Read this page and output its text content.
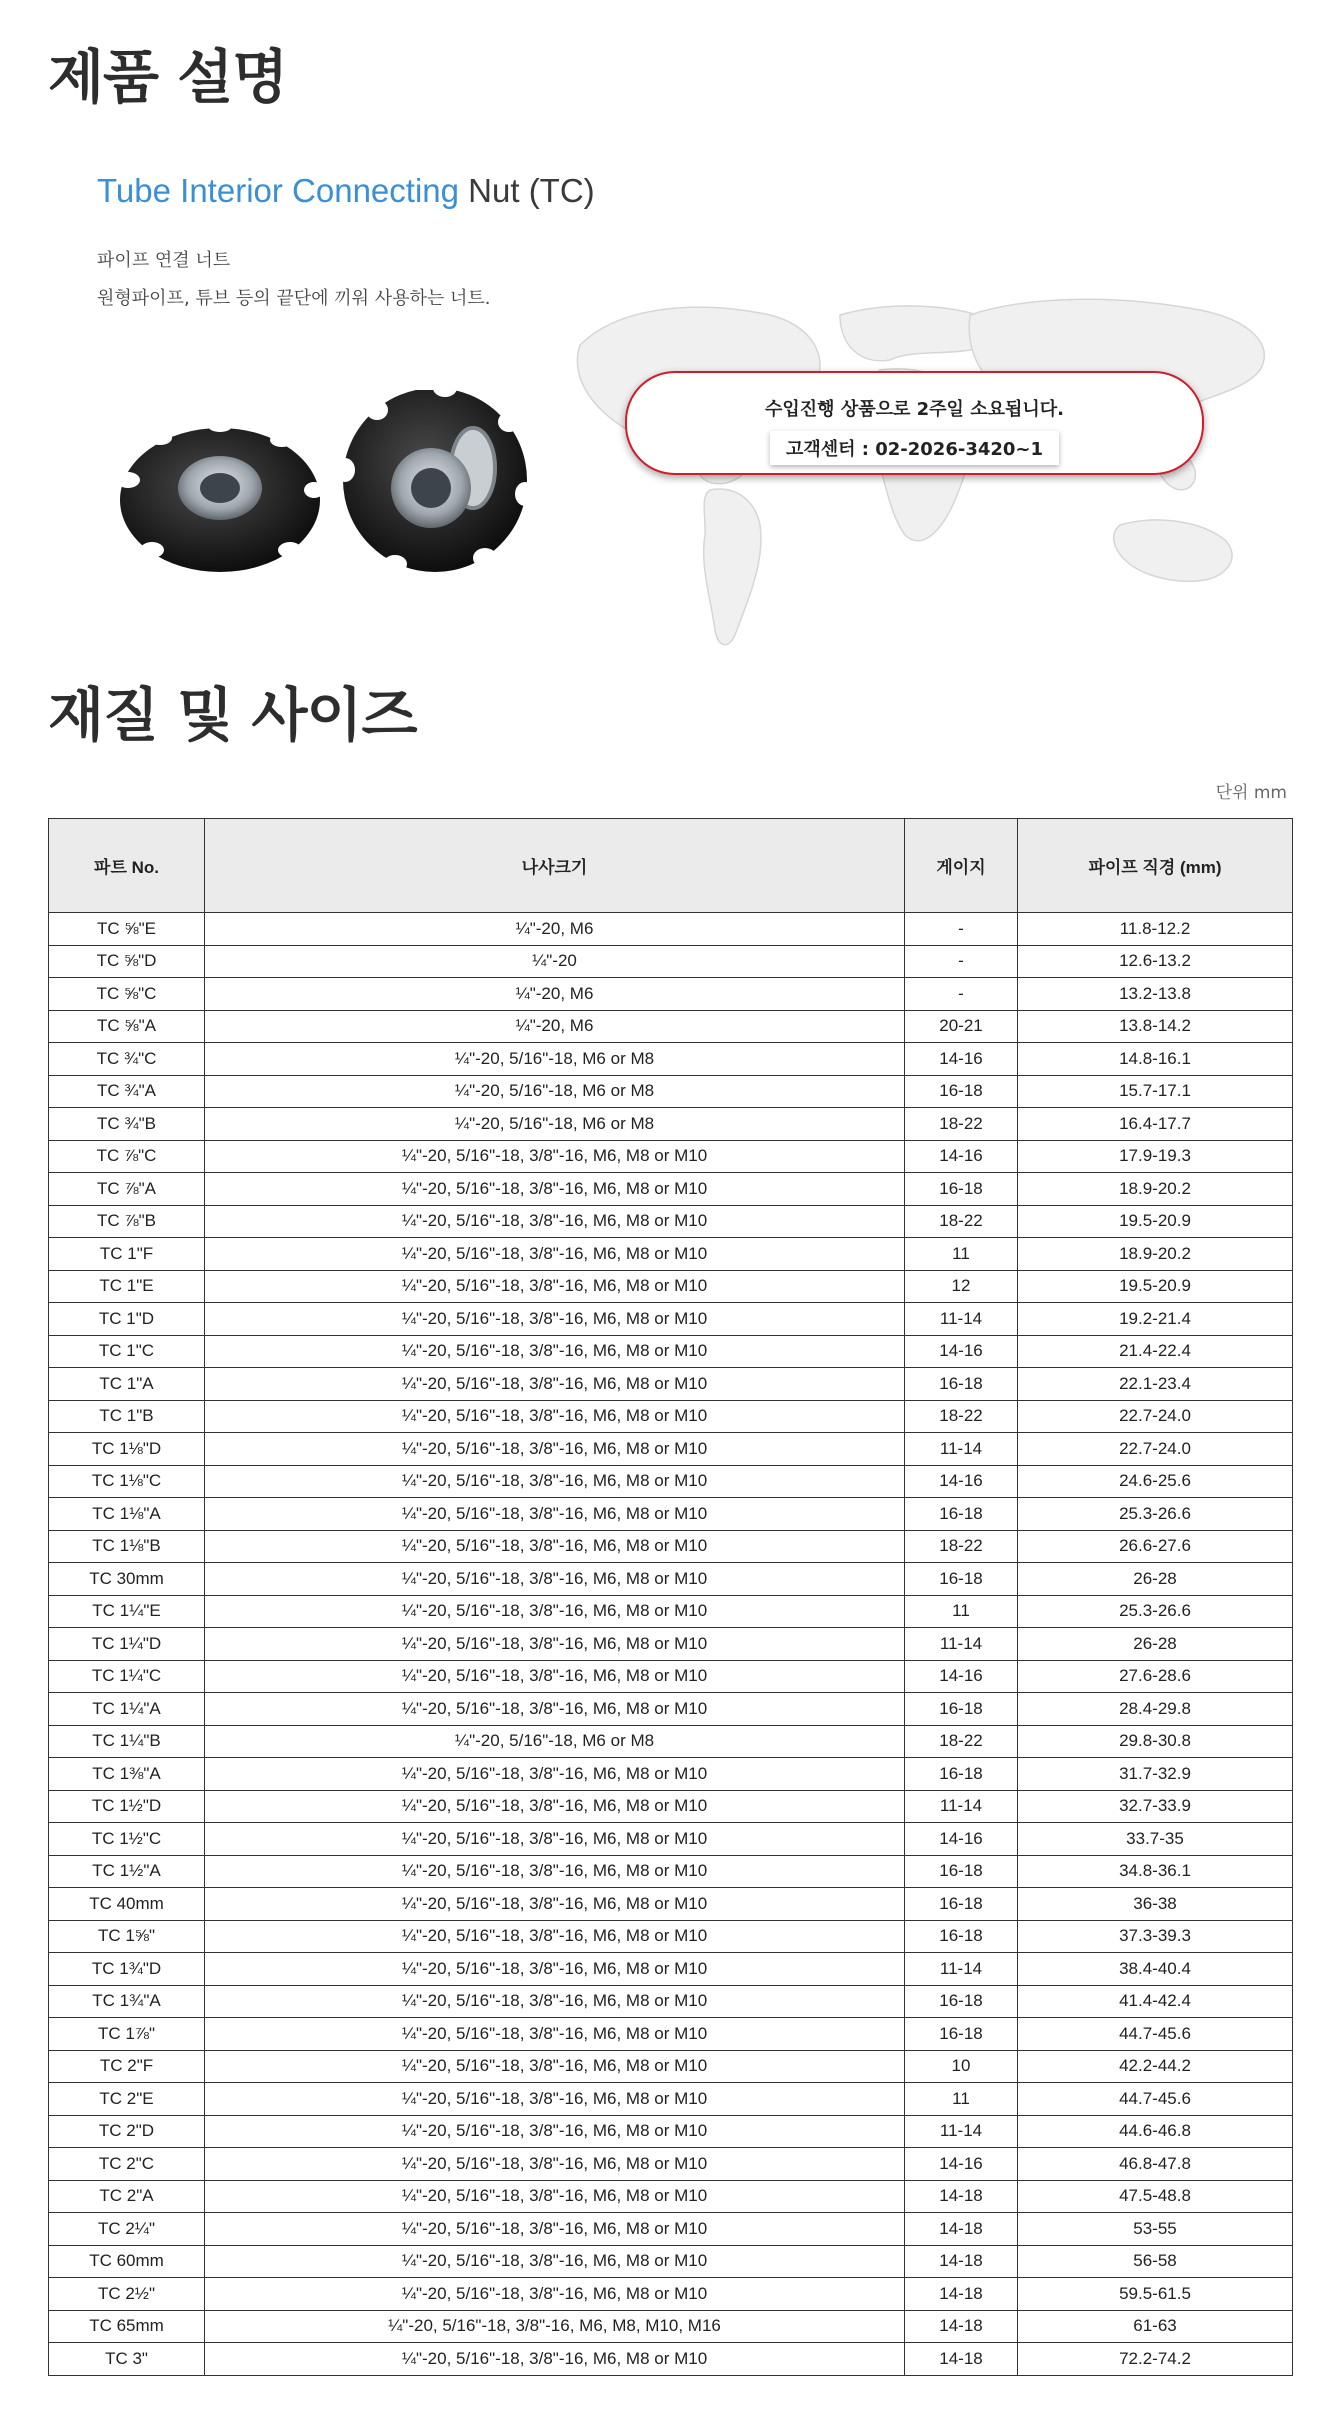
제품 설명
Tube Interior Connecting Nut (TC)
파이프 연결 너트
원형파이프, 튜브 등의 끝단에 끼워 사용하는 너트.
수입진행 상품으로 2주일 소요됩니다.
고객센터 : 02-2026-3420~1
재질 및 사이즈
단위 mm
파트 No.	나사크기	게이지	파이프 직경 (mm)
TC ⅝"E	¼"-20, M6	-	11.8-12.2
TC ⅝"D	¼"-20	-	12.6-13.2
TC ⅝"C	¼"-20, M6	-	13.2-13.8
TC ⅝"A	¼"-20, M6	20-21	13.8-14.2
TC ¾"C	¼"-20, 5/16"-18, M6 or M8	14-16	14.8-16.1
TC ¾"A	¼"-20, 5/16"-18, M6 or M8	16-18	15.7-17.1
TC ¾"B	¼"-20, 5/16"-18, M6 or M8	18-22	16.4-17.7
TC ⅞"C	¼"-20, 5/16"-18, 3/8"-16, M6, M8 or M10	14-16	17.9-19.3
TC ⅞"A	¼"-20, 5/16"-18, 3/8"-16, M6, M8 or M10	16-18	18.9-20.2
TC ⅞"B	¼"-20, 5/16"-18, 3/8"-16, M6, M8 or M10	18-22	19.5-20.9
TC 1"F	¼"-20, 5/16"-18, 3/8"-16, M6, M8 or M10	11	18.9-20.2
TC 1"E	¼"-20, 5/16"-18, 3/8"-16, M6, M8 or M10	12	19.5-20.9
TC 1"D	¼"-20, 5/16"-18, 3/8"-16, M6, M8 or M10	11-14	19.2-21.4
TC 1"C	¼"-20, 5/16"-18, 3/8"-16, M6, M8 or M10	14-16	21.4-22.4
TC 1"A	¼"-20, 5/16"-18, 3/8"-16, M6, M8 or M10	16-18	22.1-23.4
TC 1"B	¼"-20, 5/16"-18, 3/8"-16, M6, M8 or M10	18-22	22.7-24.0
TC 1⅛"D	¼"-20, 5/16"-18, 3/8"-16, M6, M8 or M10	11-14	22.7-24.0
TC 1⅛"C	¼"-20, 5/16"-18, 3/8"-16, M6, M8 or M10	14-16	24.6-25.6
TC 1⅛"A	¼"-20, 5/16"-18, 3/8"-16, M6, M8 or M10	16-18	25.3-26.6
TC 1⅛"B	¼"-20, 5/16"-18, 3/8"-16, M6, M8 or M10	18-22	26.6-27.6
TC 30mm	¼"-20, 5/16"-18, 3/8"-16, M6, M8 or M10	16-18	26-28
TC 1¼"E	¼"-20, 5/16"-18, 3/8"-16, M6, M8 or M10	11	25.3-26.6
TC 1¼"D	¼"-20, 5/16"-18, 3/8"-16, M6, M8 or M10	11-14	26-28
TC 1¼"C	¼"-20, 5/16"-18, 3/8"-16, M6, M8 or M10	14-16	27.6-28.6
TC 1¼"A	¼"-20, 5/16"-18, 3/8"-16, M6, M8 or M10	16-18	28.4-29.8
TC 1¼"B	¼"-20, 5/16"-18, M6 or M8	18-22	29.8-30.8
TC 1⅜"A	¼"-20, 5/16"-18, 3/8"-16, M6, M8 or M10	16-18	31.7-32.9
TC 1½"D	¼"-20, 5/16"-18, 3/8"-16, M6, M8 or M10	11-14	32.7-33.9
TC 1½"C	¼"-20, 5/16"-18, 3/8"-16, M6, M8 or M10	14-16	33.7-35
TC 1½"A	¼"-20, 5/16"-18, 3/8"-16, M6, M8 or M10	16-18	34.8-36.1
TC 40mm	¼"-20, 5/16"-18, 3/8"-16, M6, M8 or M10	16-18	36-38
TC 1⅝"	¼"-20, 5/16"-18, 3/8"-16, M6, M8 or M10	16-18	37.3-39.3
TC 1¾"D	¼"-20, 5/16"-18, 3/8"-16, M6, M8 or M10	11-14	38.4-40.4
TC 1¾"A	¼"-20, 5/16"-18, 3/8"-16, M6, M8 or M10	16-18	41.4-42.4
TC 1⅞"	¼"-20, 5/16"-18, 3/8"-16, M6, M8 or M10	16-18	44.7-45.6
TC 2"F	¼"-20, 5/16"-18, 3/8"-16, M6, M8 or M10	10	42.2-44.2
TC 2"E	¼"-20, 5/16"-18, 3/8"-16, M6, M8 or M10	11	44.7-45.6
TC 2"D	¼"-20, 5/16"-18, 3/8"-16, M6, M8 or M10	11-14	44.6-46.8
TC 2"C	¼"-20, 5/16"-18, 3/8"-16, M6, M8 or M10	14-16	46.8-47.8
TC 2"A	¼"-20, 5/16"-18, 3/8"-16, M6, M8 or M10	14-18	47.5-48.8
TC 2¼"	¼"-20, 5/16"-18, 3/8"-16, M6, M8 or M10	14-18	53-55
TC 60mm	¼"-20, 5/16"-18, 3/8"-16, M6, M8 or M10	14-18	56-58
TC 2½"	¼"-20, 5/16"-18, 3/8"-16, M6, M8 or M10	14-18	59.5-61.5
TC 65mm	¼"-20, 5/16"-18, 3/8"-16, M6, M8, M10, M16	14-18	61-63
TC 3"	¼"-20, 5/16"-18, 3/8"-16, M6, M8 or M10	14-18	72.2-74.2
